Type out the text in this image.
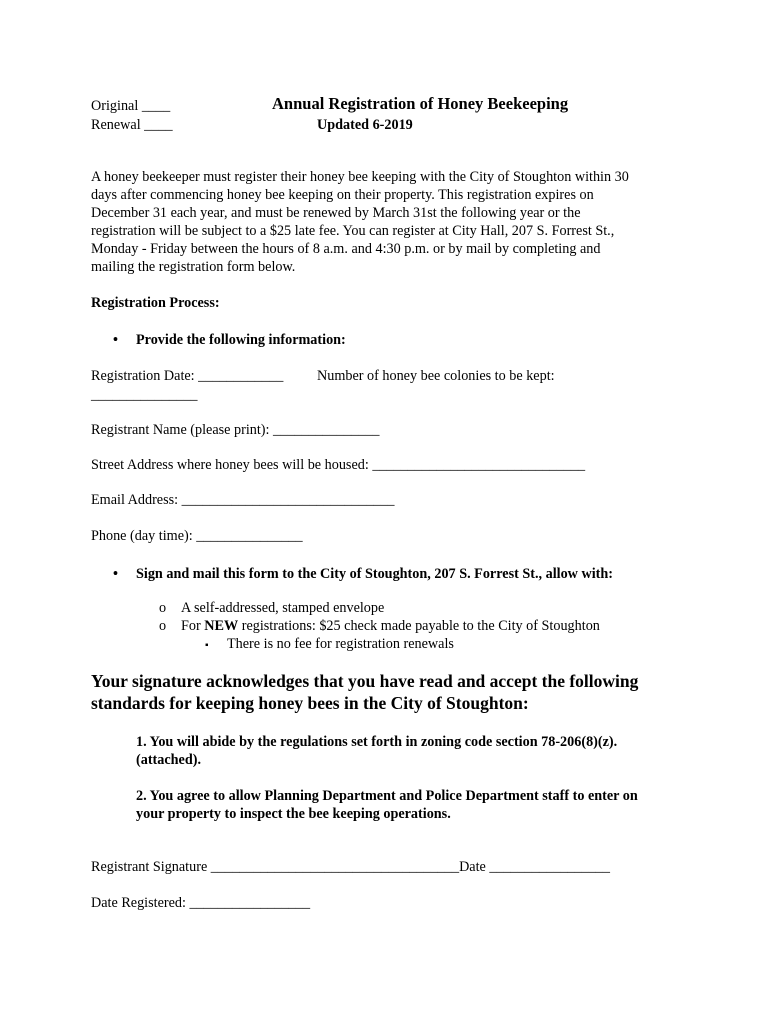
Original ____
Renewal ____
Annual Registration of Honey Beekeeping
Updated 6-2019
A honey beekeeper must register their honey bee keeping with the City of Stoughton within 30
days after commencing honey bee keeping on their property. This registration expires on
December 31 each year, and must be renewed by March 31st the following year or the
registration will be subject to a $25 late fee. You can register at City Hall, 207 S. Forrest St.,
Monday - Friday between the hours of 8 a.m. and 4:30 p.m. or by mail by completing and
mailing the registration form below.
Registration Process:
• Provide the following information:
Registration Date: ____________ Number of honey bee colonies to be kept:
_______________
Registrant Name (please print): _______________
Street Address where honey bees will be housed: ______________________________
Email Address: ______________________________
Phone (day time): _______________
• Sign and mail this form to the City of Stoughton, 207 S. Forrest St., allow with:
o A self-addressed, stamped envelope
o For NEW registrations: $25 check made payable to the City of Stoughton
▪ There is no fee for registration renewals
Your signature acknowledges that you have read and accept the following
standards for keeping honey bees in the City of Stoughton:
1. You will abide by the regulations set forth in zoning code section 78-206(8)(z).
(attached).
2. You agree to allow Planning Department and Police Department staff to enter on
your property to inspect the bee keeping operations.
Registrant Signature ___________________________________Date _________________
Date Registered: _________________
